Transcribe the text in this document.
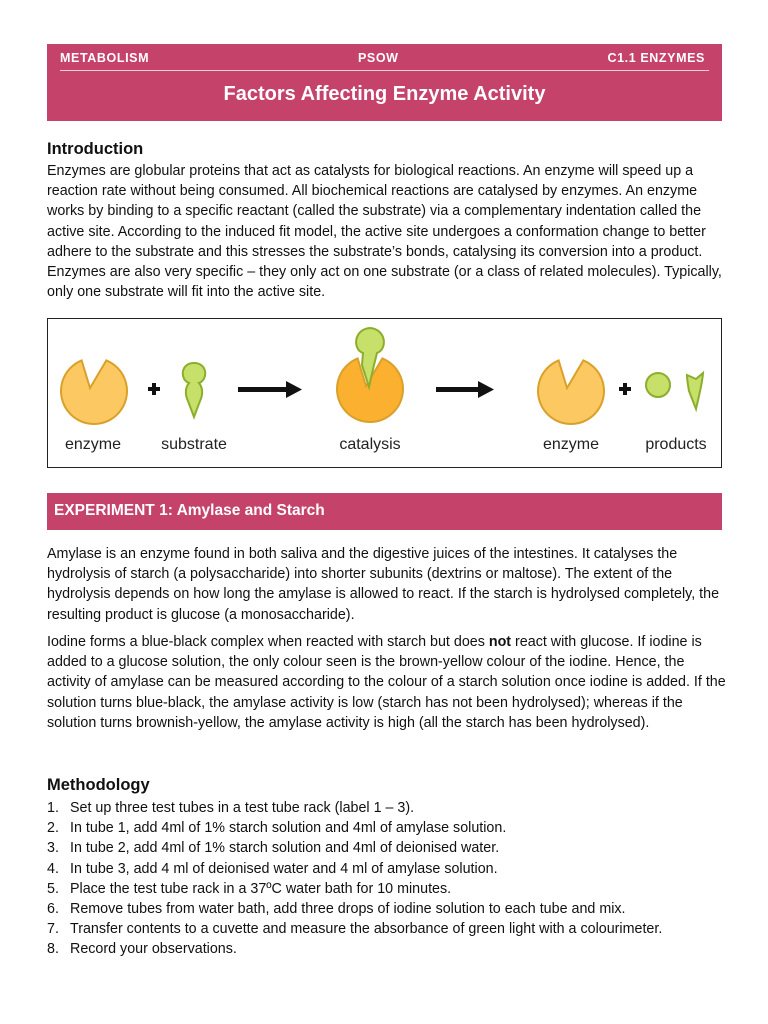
METABOLISM	PSOW	C1.1 ENZYMES
Factors Affecting Enzyme Activity
Introduction

Enzymes are globular proteins that act as catalysts for biological reactions. An enzyme will speed up a reaction rate without being consumed. All biochemical reactions are catalysed by enzymes. An enzyme works by binding to a specific reactant (called the substrate) via a complementary indentation called the active site. According to the induced fit model, the active site undergoes a conformation change to better adhere to the substrate and this stresses the substrate’s bonds, catalysing its conversion into a product. Enzymes are also very specific – they only act on one substrate (or a class of related molecules). Typically, only one substrate will fit into the active site.

enzyme	substrate	catalysis	enzyme	products
EXPERIMENT 1: Amylase and Starch

Amylase is an enzyme found in both saliva and the digestive juices of the intestines. It catalyses the hydrolysis of starch (a polysaccharide) into shorter subunits (dextrins or maltose). The extent of the hydrolysis depends on how long the amylase is allowed to react. If the starch is hydrolysed completely, the resulting product is glucose (a monosaccharide).

Iodine forms a blue-black complex when reacted with starch but does not react with glucose. If iodine is added to a glucose solution, the only colour seen is the brown-yellow colour of the iodine. Hence, the activity of amylase can be measured according to the colour of a starch solution once iodine is added. If the solution turns blue-black, the amylase activity is low (starch has not been hydrolysed); whereas if the solution turns brownish-yellow, the amylase activity is high (all the starch has been hydrolysed).

Methodology
1. Set up three test tubes in a test tube rack (label 1 – 3).
2. In tube 1, add 4ml of 1% starch solution and 4ml of amylase solution.
3. In tube 2, add 4ml of 1% starch solution and 4ml of deionised water.
4. In tube 3, add 4 ml of deionised water and 4 ml of amylase solution.
5. Place the test tube rack in a 37ºC water bath for 10 minutes.
6. Remove tubes from water bath, add three drops of iodine solution to each tube and mix.
7. Transfer contents to a cuvette and measure the absorbance of green light with a colourimeter.
8. Record your observations.
